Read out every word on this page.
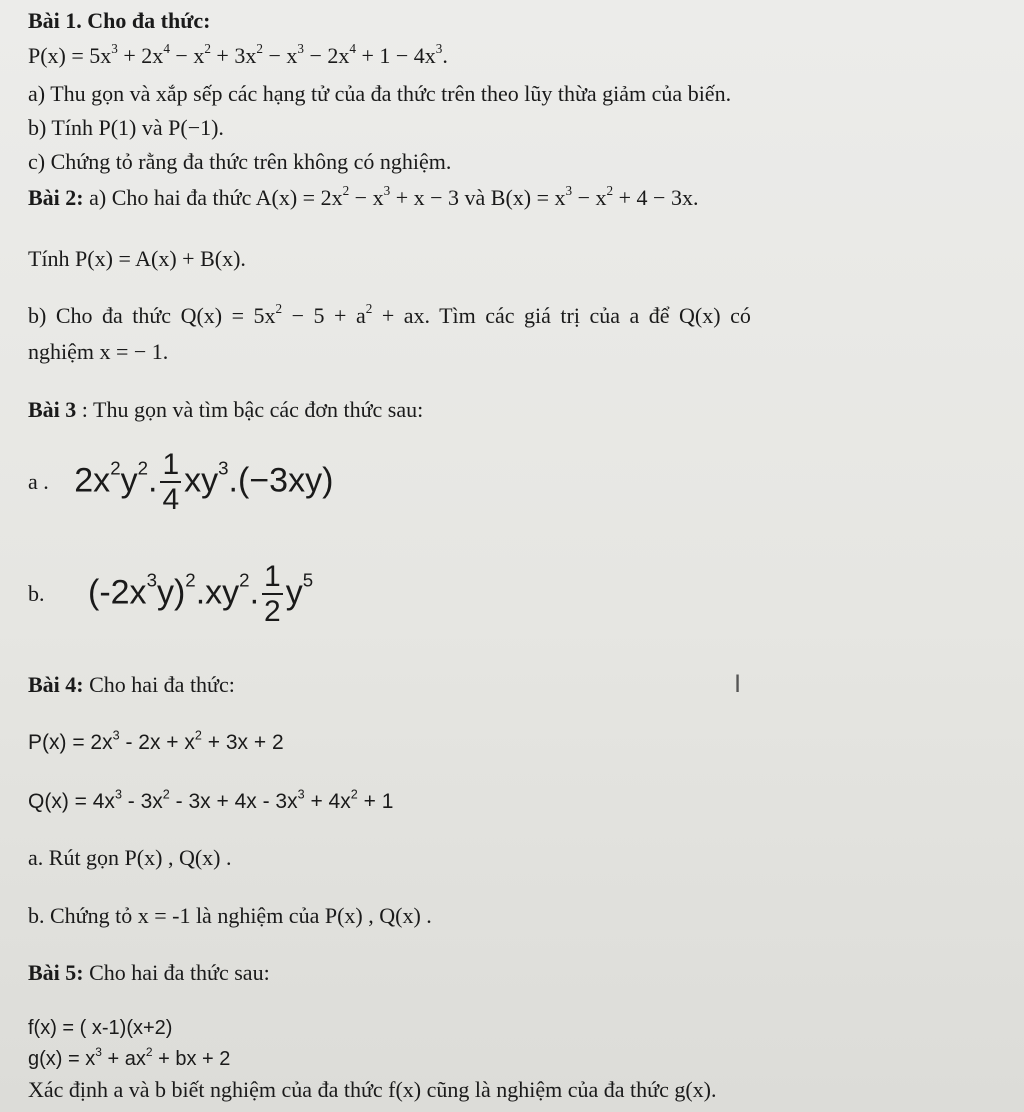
Bài 1. Cho đa thức:
$P(x) = 5x^3 + 2x^4 - x^2 + 3x^2 - x^3 - 2x^4 + 1 - 4x^3$.
a) Thu gọn và xắp sếp các hạng tử của đa thức trên theo lũy thừa giảm của biến.
b) Tính P(1) và P(−1).
c) Chứng tỏ rằng đa thức trên không có nghiệm.
Bài 2: a) Cho hai đa thức $A(x) = 2x^2 - x^3 + x - 3$ và $B(x) = x^3 - x^2 + 4 - 3x$.
Tính P(x) = A(x) + B(x).
b) Cho đa thức $Q(x) = 5x^2 - 5 + a^2$ + ax. Tìm các giá trị của a để Q(x) có
nghiệm x = − 1.
Bài 3 : Thu gọn và tìm bậc các đơn thức sau:
a . $2x^2y^2$. $\frac{1}{4} xy^3.(-3xy)$
b. $(-2x^3y)^2.xy^2$. $\frac{1}{2} y^5$
Bài 4: Cho hai đa thức:	I
$P(x) = 2x^3 - 2x + x^2 + 3x + 2$
$Q(x) = 4x^3 - 3x^2 - 3x + 4x - 3x^3 + 4x^2 + 1$
a. Rút gọn P(x) , Q(x) .
b. Chứng tỏ x = -1 là nghiệm của P(x) , Q(x) .
Bài 5: Cho hai đa thức sau:
f(x) = ( x-1)(x+2)
$g(x) = x^3 + ax^2$ + bx + 2
Xác định a và b biết nghiệm của đa thức f(x) cũng là nghiệm của đa thức g(x).
